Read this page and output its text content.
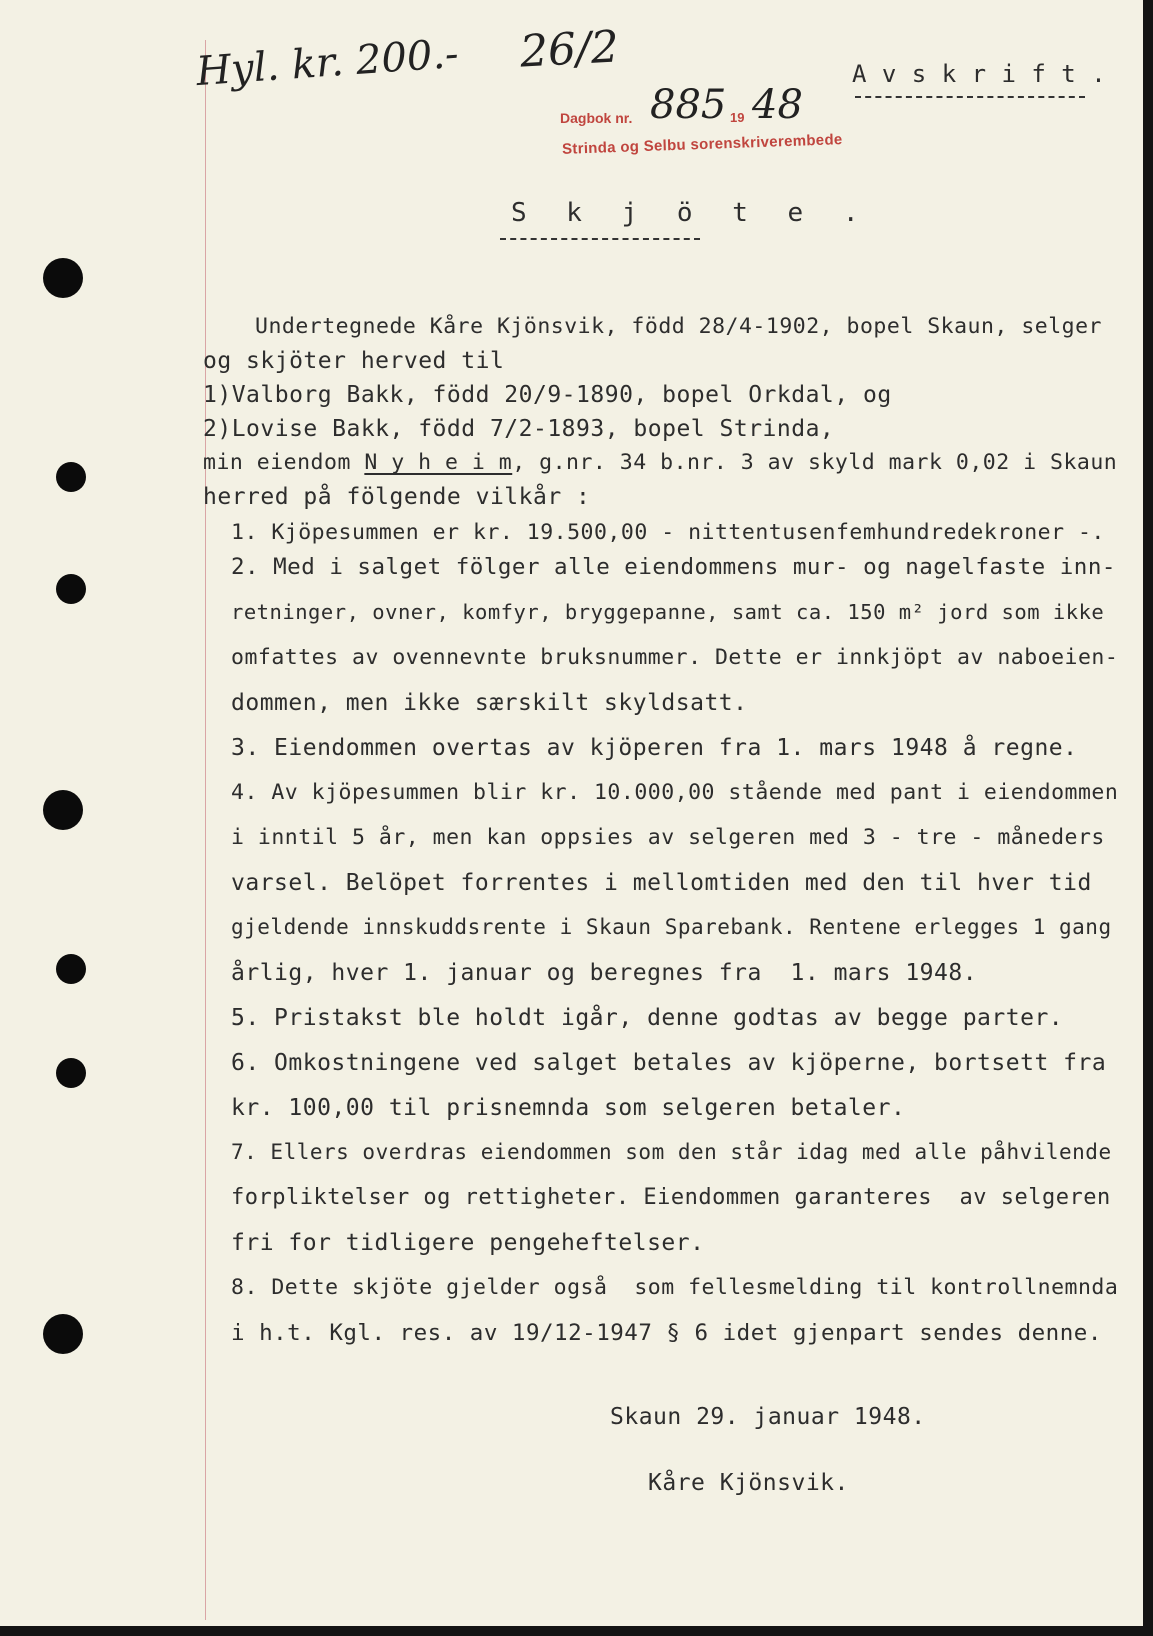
Hyl. kr. 200.- 26/2
Dagbok nr. 885 19 48
Strinda og Selbu sorenskriverembede
A v s k r i f t .
S k j ö t e .
Undertegnede Kåre Kjönsvik, född 28/4-1902, bopel Skaun, selger
og skjöter herved til
1)Valborg Bakk, född 20/9-1890, bopel Orkdal, og
2)Lovise Bakk, född 7/2-1893, bopel Strinda,
min eiendom N y h e i m, g.nr. 34 b.nr. 3 av skyld mark 0,02 i Skaun
herred på fölgende vilkår :
1. Kjöpesummen er kr. 19.500,00 - nittentusenfemhundredekroner -.
2. Med i salget fölger alle eiendommens mur- og nagelfaste inn-
retninger, ovner, komfyr, bryggepanne, samt ca. 150 m² jord som ikke
omfattes av ovennevnte bruksnummer. Dette er innkjöpt av naboeien-
dommen, men ikke særskilt skyldsatt.
3. Eiendommen overtas av kjöperen fra 1. mars 1948 å regne.
4. Av kjöpesummen blir kr. 10.000,00 stående med pant i eiendommen
i inntil 5 år, men kan oppsies av selgeren med 3 - tre - måneders
varsel. Belöpet forrentes i mellomtiden med den til hver tid
gjeldende innskuddsrente i Skaun Sparebank. Rentene erlegges 1 gang
årlig, hver 1. januar og beregnes fra  1. mars 1948.
5. Pristakst ble holdt igår, denne godtas av begge parter.
6. Omkostningene ved salget betales av kjöperne, bortsett fra
kr. 100,00 til prisnemnda som selgeren betaler.
7. Ellers overdras eiendommen som den står idag med alle påhvilende
forpliktelser og rettigheter. Eiendommen garanteres  av selgeren
fri for tidligere pengeheftelser.
8. Dette skjöte gjelder også  som fellesmelding til kontrollnemnda
i h.t. Kgl. res. av 19/12-1947 § 6 idet gjenpart sendes denne.
Skaun 29. januar 1948.
Kåre Kjönsvik.
